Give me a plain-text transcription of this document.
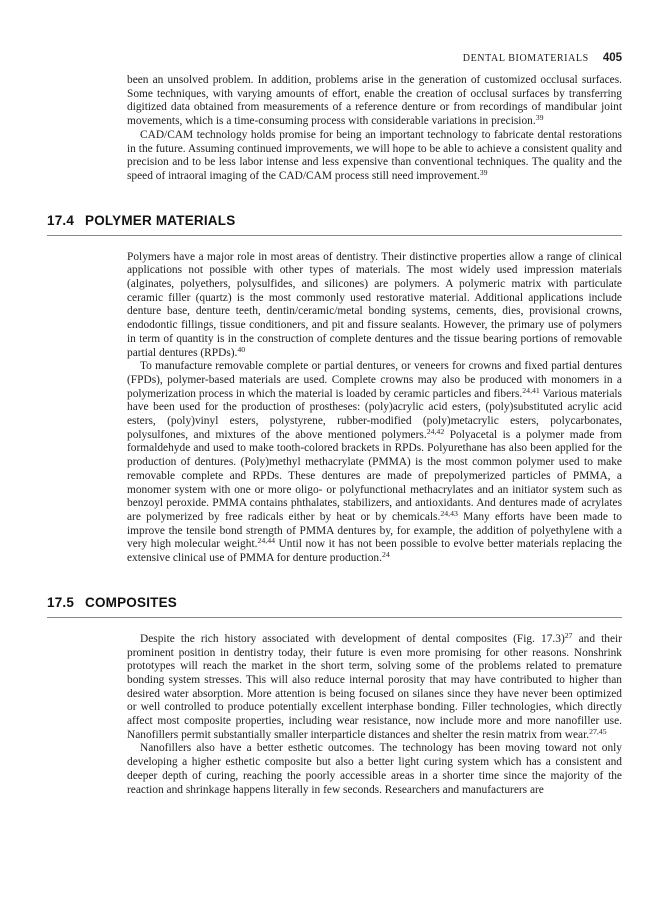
DENTAL BIOMATERIALS 405

been an unsolved problem. In addition, problems arise in the generation of customized occlusal surfaces. Some techniques, with varying amounts of effort, enable the creation of occlusal surfaces by transferring digitized data obtained from measurements of a reference denture or from recordings of mandibular joint movements, which is a time-consuming process with considerable variations in precision.$^{39}$

CAD/CAM technology holds promise for being an important technology to fabricate dental restorations in the future. Assuming continued improvements, we will hope to be able to achieve a consistent quality and precision and to be less labor intense and less expensive than conventional techniques. The quality and the speed of intraoral imaging of the CAD/CAM process still need improvement.$^{39}$

17.4 POLYMER MATERIALS

Polymers have a major role in most areas of dentistry. Their distinctive properties allow a range of clinical applications not possible with other types of materials. The most widely used impression materials (alginates, polyethers, polysulfides, and silicones) are polymers. A polymeric matrix with particulate ceramic filler (quartz) is the most commonly used restorative material. Additional applications include denture base, denture teeth, dentin/ceramic/metal bonding systems, cements, dies, provisional crowns, endodontic fillings, tissue conditioners, and pit and fissure sealants. However, the primary use of polymers in term of quantity is in the construction of complete dentures and the tissue bearing portions of removable partial dentures (RPDs).$^{40}$

To manufacture removable complete or partial dentures, or veneers for crowns and fixed partial dentures (FPDs), polymer-based materials are used. Complete crowns may also be produced with monomers in a polymerization process in which the material is loaded by ceramic particles and fibers.$^{24,41}$ Various materials have been used for the production of prostheses: (poly)acrylic acid esters, (poly)substituted acrylic acid esters, (poly)vinyl esters, polystyrene, rubber-modified (poly)metacrylic esters, polycarbonates, polysulfones, and mixtures of the above mentioned polymers.$^{24,42}$ Polyacetal is a polymer made from formaldehyde and used to make tooth-colored brackets in RPDs. Polyurethane has also been applied for the production of dentures. (Poly)methyl methacrylate (PMMA) is the most common polymer used to make removable complete and RPDs. These dentures are made of prepolymerized particles of PMMA, a monomer system with one or more oligo- or polyfunctional methacrylates and an initiator system such as benzoyl peroxide. PMMA contains phthalates, stabilizers, and antioxidants. And dentures made of acrylates are polymerized by free radicals either by heat or by chemicals.$^{24,43}$ Many efforts have been made to improve the tensile bond strength of PMMA dentures by, for example, the addition of polyethylene with a very high molecular weight.$^{24,44}$ Until now it has not been possible to evolve better materials replacing the extensive clinical use of PMMA for denture production.$^{24}$

17.5 COMPOSITES

Despite the rich history associated with development of dental composites (Fig. 17.3)$^{27}$ and their prominent position in dentistry today, their future is even more promising for other reasons. Nonshrink prototypes will reach the market in the short term, solving some of the problems related to premature bonding system stresses. This will also reduce internal porosity that may have contributed to higher than desired water absorption. More attention is being focused on silanes since they have never been optimized or well controlled to produce potentially excellent interphase bonding. Filler technologies, which directly affect most composite properties, including wear resistance, now include more and more nanofiller use. Nanofillers permit substantially smaller interparticle distances and shelter the resin matrix from wear.$^{27,45}$

Nanofillers also have a better esthetic outcomes. The technology has been moving toward not only developing a higher esthetic composite but also a better light curing system which has a consistent and deeper depth of curing, reaching the poorly accessible areas in a shorter time since the majority of the reaction and shrinkage happens literally in few seconds. Researchers and manufacturers are
